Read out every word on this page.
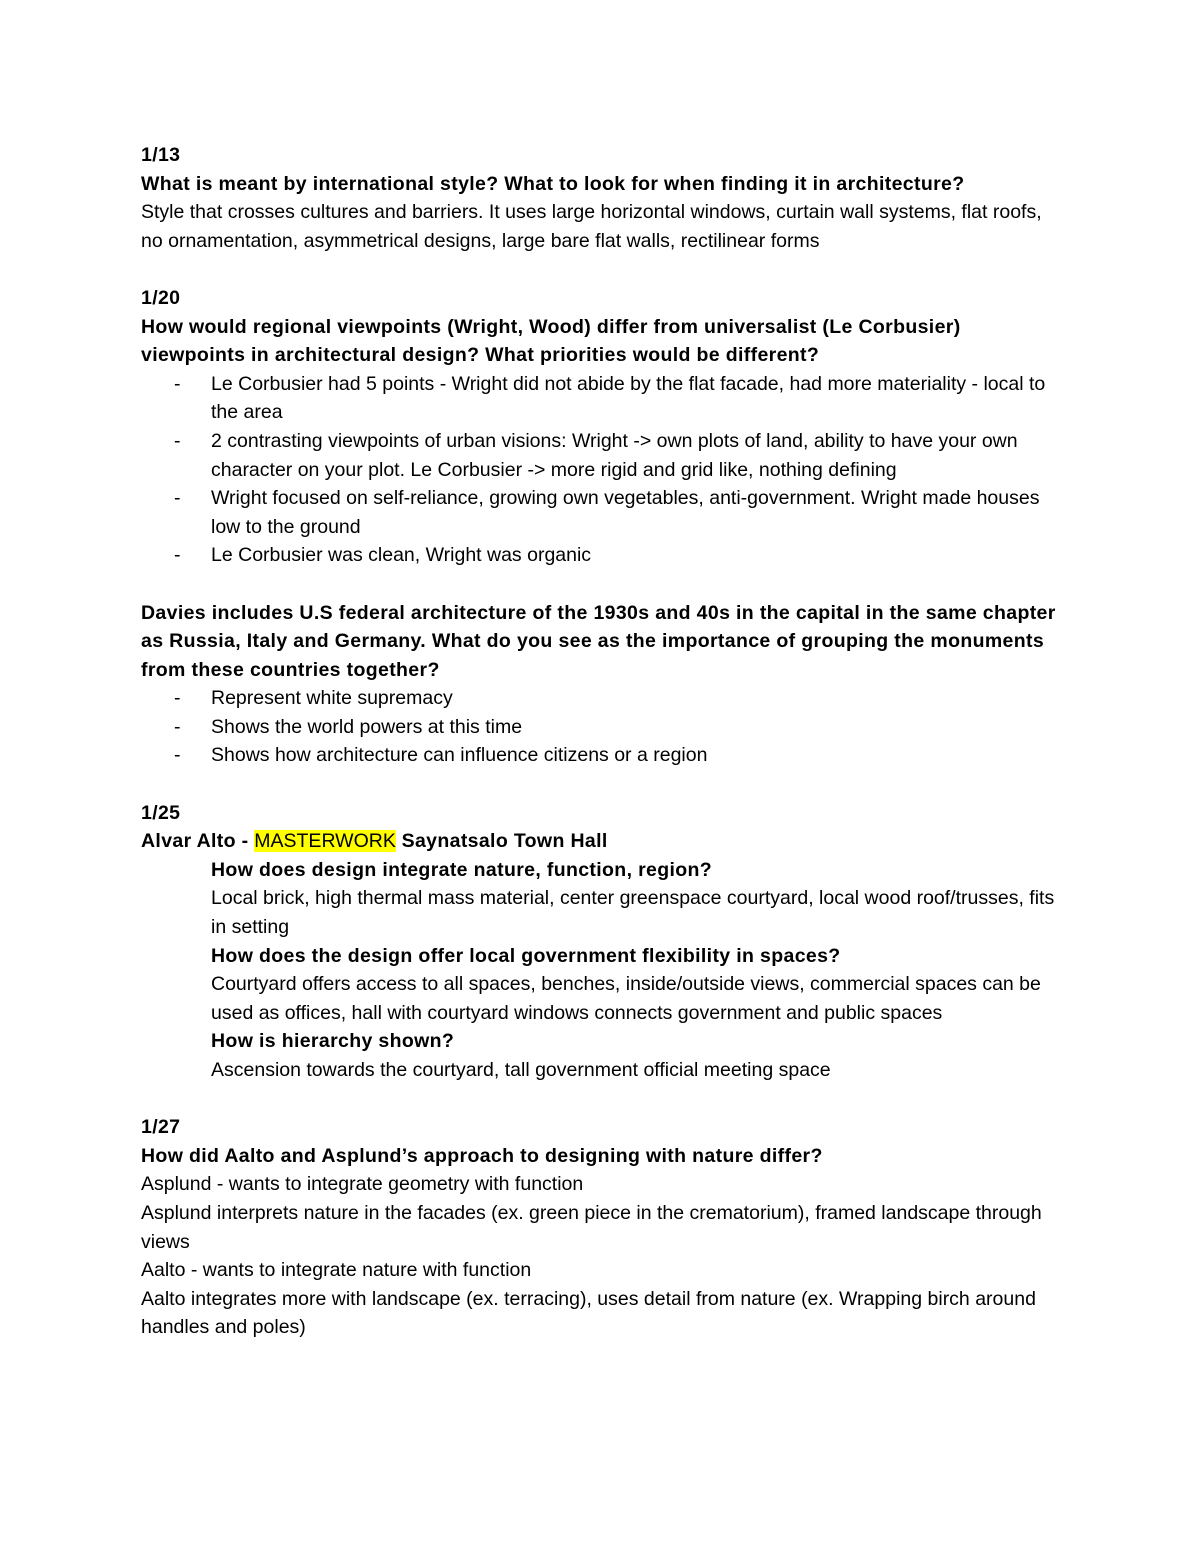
1/13
What is meant by international style? What to look for when finding it in architecture?
Style that crosses cultures and barriers. It uses large horizontal windows, curtain wall systems, flat roofs, no ornamentation, asymmetrical designs, large bare flat walls, rectilinear forms
1/20
How would regional viewpoints (Wright, Wood) differ from universalist (Le Corbusier) viewpoints in architectural design? What priorities would be different?
- Le Corbusier had 5 points - Wright did not abide by the flat facade, had more materiality - local to the area
- 2 contrasting viewpoints of urban visions: Wright -> own plots of land, ability to have your own character on your plot. Le Corbusier -> more rigid and grid like, nothing defining
- Wright focused on self-reliance, growing own vegetables, anti-government. Wright made houses low to the ground
- Le Corbusier was clean, Wright was organic
Davies includes U.S federal architecture of the 1930s and 40s in the capital in the same chapter as Russia, Italy and Germany. What do you see as the importance of grouping the monuments from these countries together?
- Represent white supremacy
- Shows the world powers at this time
- Shows how architecture can influence citizens or a region
1/25
Alvar Alto - MASTERWORK Saynatsalo Town Hall
How does design integrate nature, function, region?
Local brick, high thermal mass material, center greenspace courtyard, local wood roof/trusses, fits in setting
How does the design offer local government flexibility in spaces?
Courtyard offers access to all spaces, benches, inside/outside views, commercial spaces can be used as offices, hall with courtyard windows connects government and public spaces
How is hierarchy shown?
Ascension towards the courtyard, tall government official meeting space
1/27
How did Aalto and Asplund’s approach to designing with nature differ?
Asplund - wants to integrate geometry with function
Asplund interprets nature in the facades (ex. green piece in the crematorium), framed landscape through views
Aalto - wants to integrate nature with function
Aalto integrates more with landscape (ex. terracing), uses detail from nature (ex. Wrapping birch around handles and poles)
